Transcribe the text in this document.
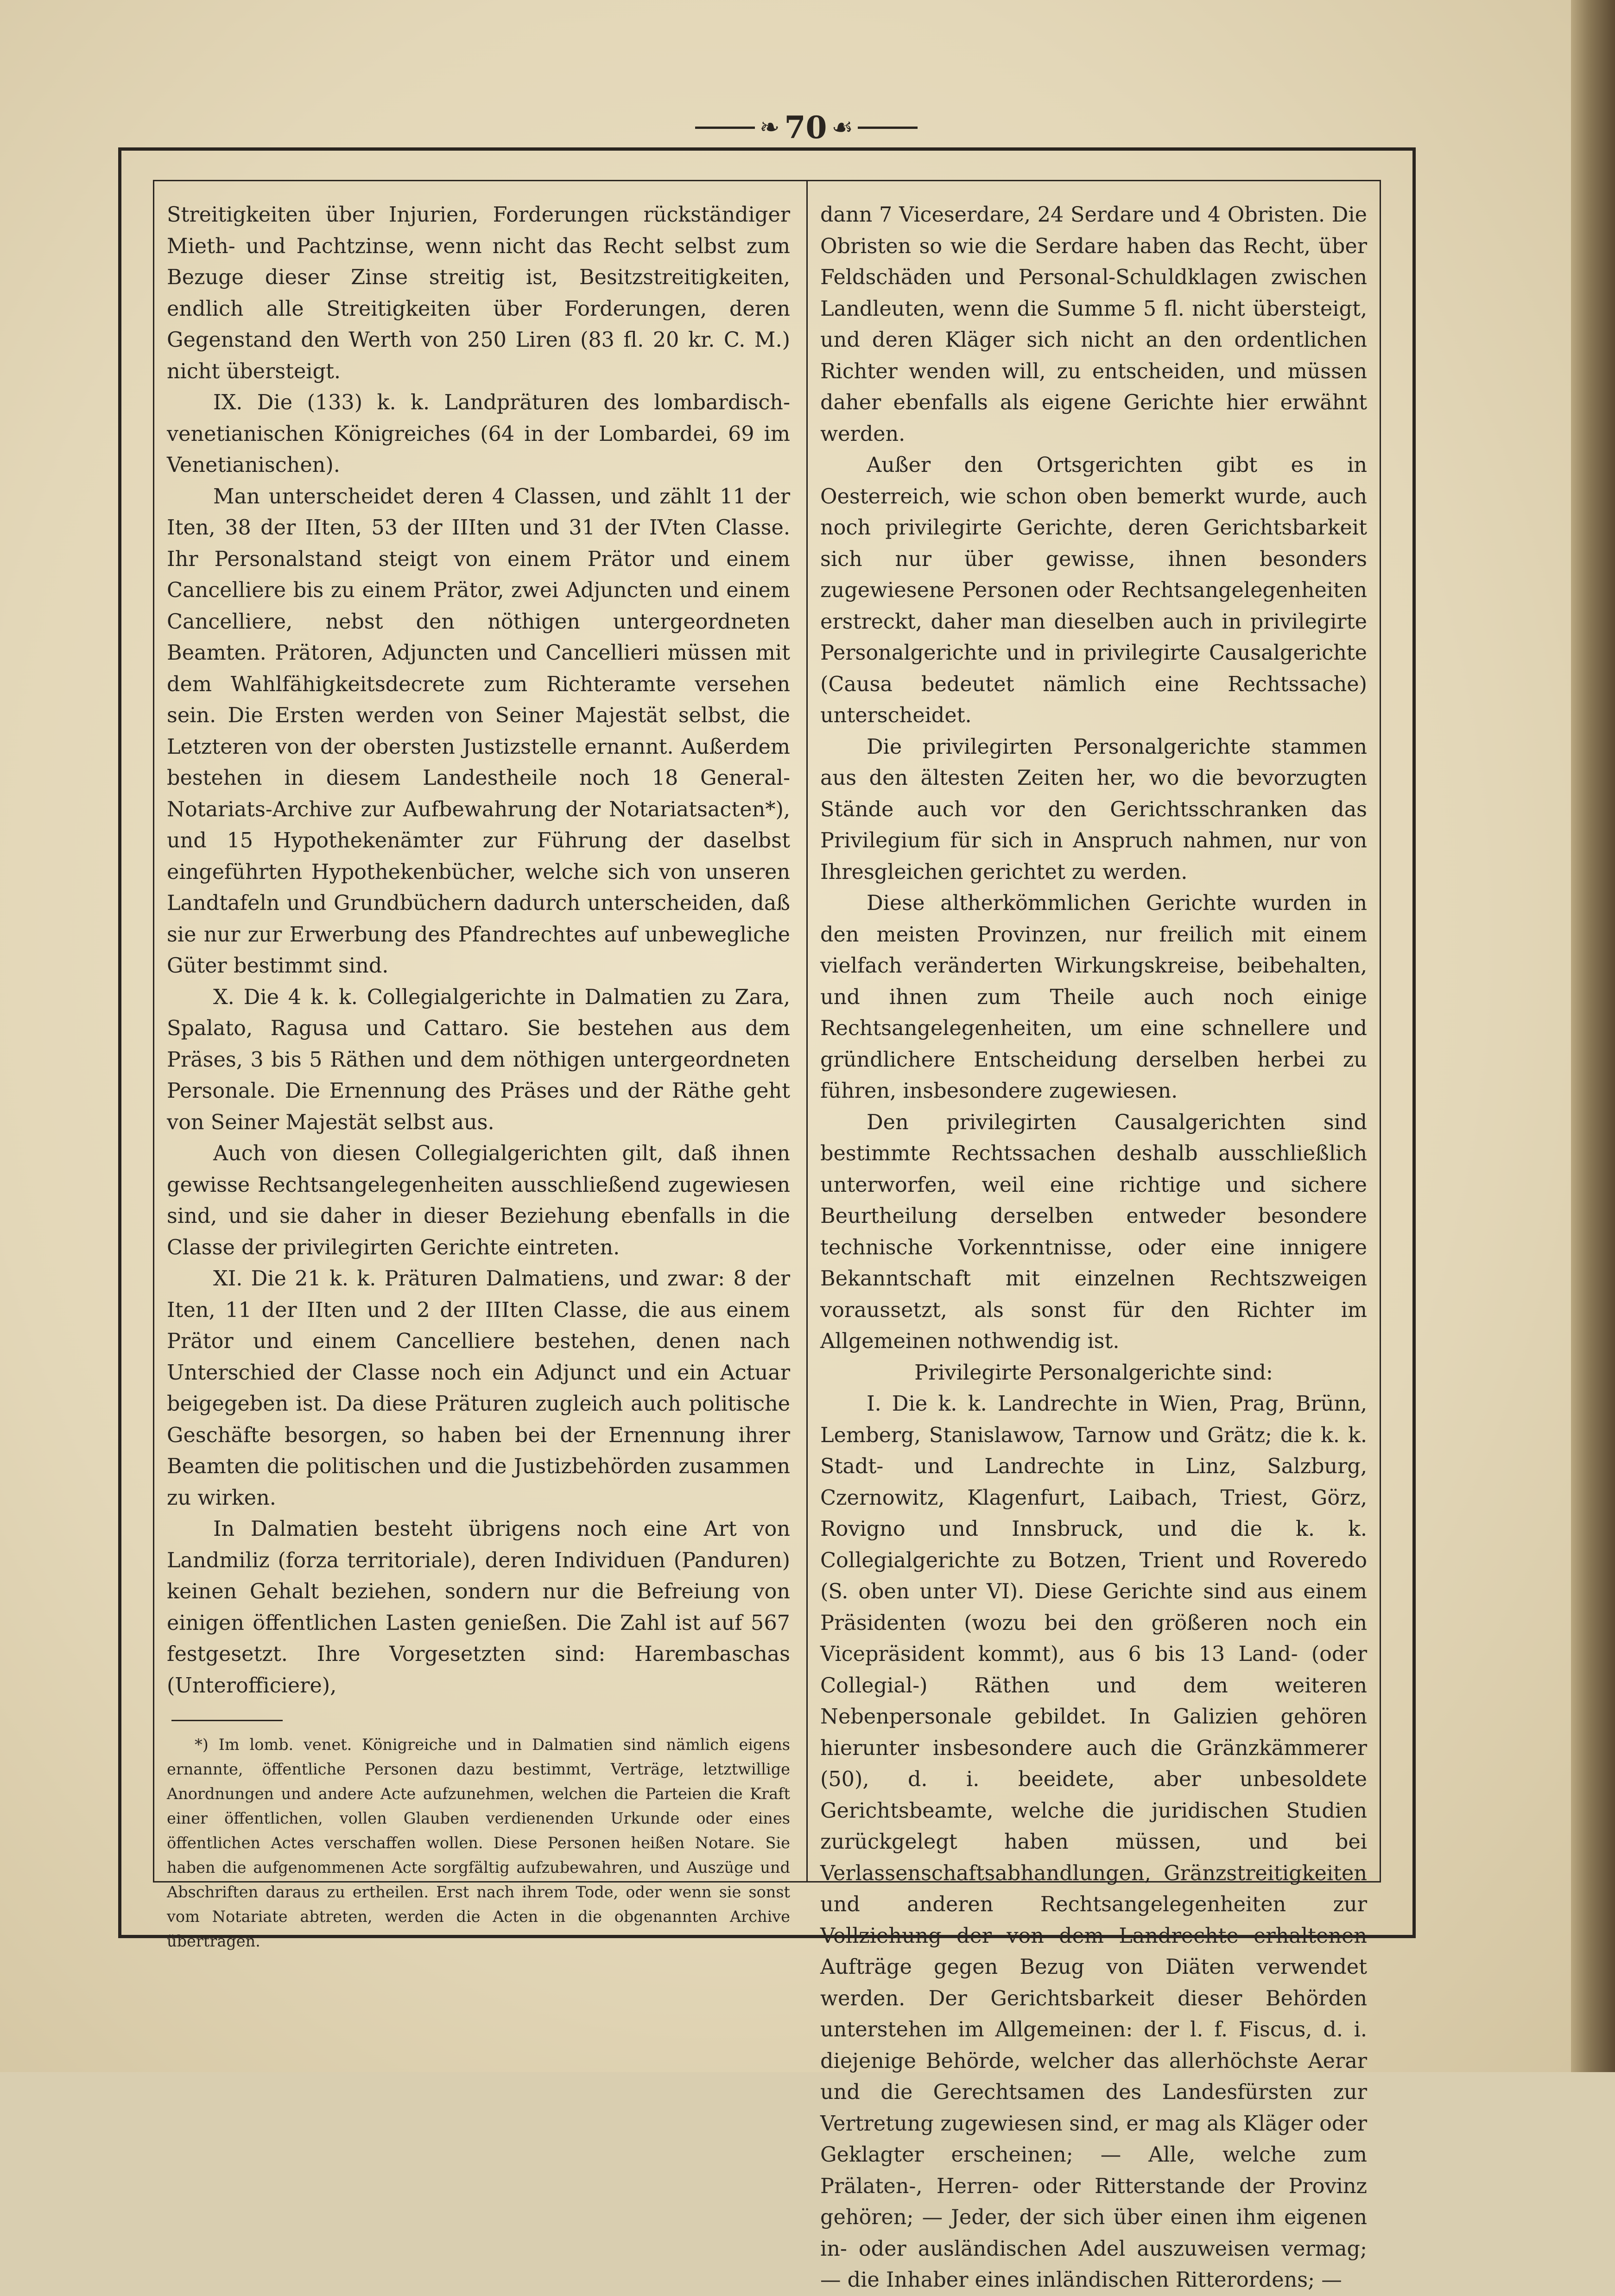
❧ 70 ☙

Streitigkeiten über Injurien, Forderungen rückständiger Mieth- und Pachtzinse, wenn nicht das Recht selbst zum Bezuge dieser Zinse streitig ist, Besitzstreitigkeiten, endlich alle Streitigkeiten über Forderungen, deren Gegenstand den Werth von 250 Liren (83 fl. 20 kr. C. M.) nicht übersteigt.

IX. Die (133) k. k. Landpräturen des lombardisch-venetianischen Königreiches (64 in der Lombardei, 69 im Venetianischen).

Man unterscheidet deren 4 Classen, und zählt 11 der Iten, 38 der IIten, 53 der IIIten und 31 der IVten Classe. Ihr Personalstand steigt von einem Prätor und einem Cancelliere bis zu einem Prätor, zwei Adjuncten und einem Cancelliere, nebst den nöthigen untergeordneten Beamten. Prätoren, Adjuncten und Cancellieri müssen mit dem Wahlfähigkeitsdecrete zum Richteramte versehen sein. Die Ersten werden von Seiner Majestät selbst, die Letzteren von der obersten Justizstelle ernannt. Außerdem bestehen in diesem Landestheile noch 18 General-Notariats-Archive zur Aufbewahrung der Notariatsacten*), und 15 Hypothekenämter zur Führung der daselbst eingeführten Hypothekenbücher, welche sich von unseren Landtafeln und Grundbüchern dadurch unterscheiden, daß sie nur zur Erwerbung des Pfandrechtes auf unbewegliche Güter bestimmt sind.

X. Die 4 k. k. Collegialgerichte in Dalmatien zu Zara, Spalato, Ragusa und Cattaro. Sie bestehen aus dem Präses, 3 bis 5 Räthen und dem nöthigen untergeordneten Personale. Die Ernennung des Präses und der Räthe geht von Seiner Majestät selbst aus.

Auch von diesen Collegialgerichten gilt, daß ihnen gewisse Rechtsangelegenheiten ausschließend zugewiesen sind, und sie daher in dieser Beziehung ebenfalls in die Classe der privilegirten Gerichte eintreten.

XI. Die 21 k. k. Präturen Dalmatiens, und zwar: 8 der Iten, 11 der IIten und 2 der IIIten Classe, die aus einem Prätor und einem Cancelliere bestehen, denen nach Unterschied der Classe noch ein Adjunct und ein Actuar beigegeben ist. Da diese Präturen zugleich auch politische Geschäfte besorgen, so haben bei der Ernennung ihrer Beamten die politischen und die Justizbehörden zusammen zu wirken.

In Dalmatien besteht übrigens noch eine Art von Landmiliz (forza territoriale), deren Individuen (Panduren) keinen Gehalt beziehen, sondern nur die Befreiung von einigen öffentlichen Lasten genießen. Die Zahl ist auf 567 festgesetzt. Ihre Vorgesetzten sind: Harembaschas (Unterofficiere),

*) Im lomb. venet. Königreiche und in Dalmatien sind nämlich eigens ernannte, öffentliche Personen dazu bestimmt, Verträge, letztwillige Anordnungen und andere Acte aufzunehmen, welchen die Parteien die Kraft einer öffentlichen, vollen Glauben verdienenden Urkunde oder eines öffentlichen Actes verschaffen wollen. Diese Personen heißen Notare. Sie haben die aufgenommenen Acte sorgfältig aufzubewahren, und Auszüge und Abschriften daraus zu ertheilen. Erst nach ihrem Tode, oder wenn sie sonst vom Notariate abtreten, werden die Acten in die obgenannten Archive übertragen.

dann 7 Viceserdare, 24 Serdare und 4 Obristen. Die Obristen so wie die Serdare haben das Recht, über Feldschäden und Personal-Schuldklagen zwischen Landleuten, wenn die Summe 5 fl. nicht übersteigt, und deren Kläger sich nicht an den ordentlichen Richter wenden will, zu entscheiden, und müssen daher ebenfalls als eigene Gerichte hier erwähnt werden.

Außer den Ortsgerichten gibt es in Oesterreich, wie schon oben bemerkt wurde, auch noch privilegirte Gerichte, deren Gerichtsbarkeit sich nur über gewisse, ihnen besonders zugewiesene Personen oder Rechtsangelegenheiten erstreckt, daher man dieselben auch in privilegirte Personalgerichte und in privilegirte Causalgerichte (Causa bedeutet nämlich eine Rechtssache) unterscheidet.

Die privilegirten Personalgerichte stammen aus den ältesten Zeiten her, wo die bevorzugten Stände auch vor den Gerichtsschranken das Privilegium für sich in Anspruch nahmen, nur von Ihresgleichen gerichtet zu werden.

Diese altherkömmlichen Gerichte wurden in den meisten Provinzen, nur freilich mit einem vielfach veränderten Wirkungskreise, beibehalten, und ihnen zum Theile auch noch einige Rechtsangelegenheiten, um eine schnellere und gründlichere Entscheidung derselben herbei zu führen, insbesondere zugewiesen.

Den privilegirten Causalgerichten sind bestimmte Rechtssachen deshalb ausschließlich unterworfen, weil eine richtige und sichere Beurtheilung derselben entweder besondere technische Vorkenntnisse, oder eine innigere Bekanntschaft mit einzelnen Rechtszweigen voraussetzt, als sonst für den Richter im Allgemeinen nothwendig ist.

Privilegirte Personalgerichte sind:

I. Die k. k. Landrechte in Wien, Prag, Brünn, Lemberg, Stanislawow, Tarnow und Grätz; die k. k. Stadt- und Landrechte in Linz, Salzburg, Czernowitz, Klagenfurt, Laibach, Triest, Görz, Rovigno und Innsbruck, und die k. k. Collegialgerichte zu Botzen, Trient und Roveredo (S. oben unter VI). Diese Gerichte sind aus einem Präsidenten (wozu bei den größeren noch ein Vicepräsident kommt), aus 6 bis 13 Land- (oder Collegial-) Räthen und dem weiteren Nebenpersonale gebildet. In Galizien gehören hierunter insbesondere auch die Gränzkämmerer (50), d. i. beeidete, aber unbesoldete Gerichtsbeamte, welche die juridischen Studien zurückgelegt haben müssen, und bei Verlassenschaftsabhandlungen, Gränzstreitigkeiten und anderen Rechtsangelegenheiten zur Vollziehung der von dem Landrechte erhaltenen Aufträge gegen Bezug von Diäten verwendet werden. Der Gerichtsbarkeit dieser Behörden unterstehen im Allgemeinen: der l. f. Fiscus, d. i. diejenige Behörde, welcher das allerhöchste Aerar und die Gerechtsamen des Landesfürsten zur Vertretung zugewiesen sind, er mag als Kläger oder Geklagter erscheinen; — Alle, welche zum Prälaten-, Herren- oder Ritterstande der Provinz gehören; — Jeder, der sich über einen ihm eigenen in- oder ausländischen Adel auszuweisen vermag; — die Inhaber eines inländischen Ritterordens; —
